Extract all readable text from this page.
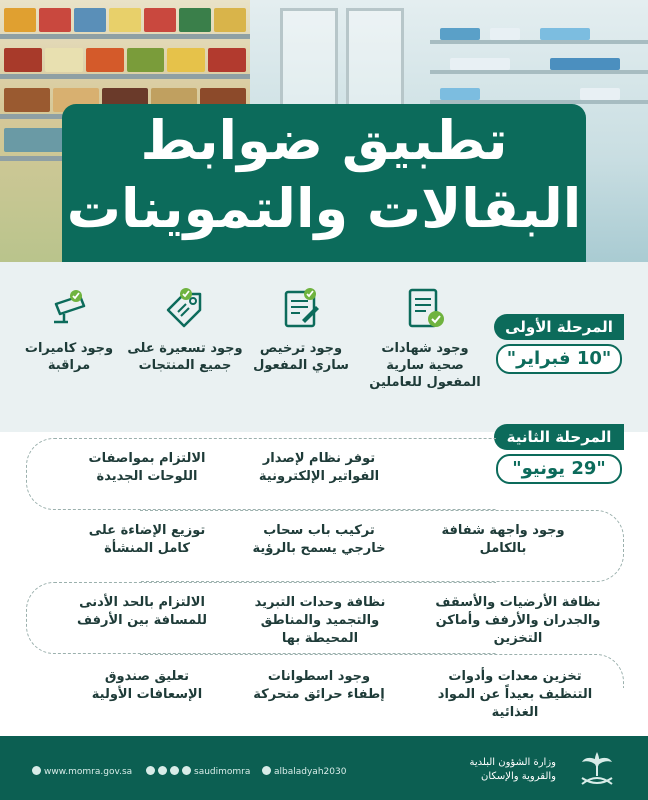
تطبيق ضوابط
البقالات والتموينات
المرحلة الأولى
"10 فبراير"
وجود شهادات صحية سارية المفعول للعاملين
وجود ترخيص ساري المفعول
وجود تسعيرة على جميع المنتجات
وجود كاميرات مراقبة
المرحلة الثانية
"29 يونيو"
توفر نظام لإصدار الفواتير الإلكترونية
الالتزام بمواصفات اللوحات الجديدة
وجود واجهة شفافة بالكامل
تركيب باب سحاب خارجي يسمح بالرؤية
توزيع الإضاءة على كامل المنشأة
نظافة الأرضيات والأسقف والجدران والأرفف وأماكن التخزين
نظافة وحدات التبريد والتجميد والمناطق المحيطة بها
الالتزام بالحد الأدنى للمسافة بين الأرفف
تخزين معدات وأدوات التنظيف بعيداً عن المواد الغذائية
وجود اسطوانات إطفاء حرائق متحركة
تعليق صندوق الإسعافات الأولية
www.momra.gov.sa	saudimomra	albaladyah2030
وزارة الشؤون البلدية
والقروية والإسكان
